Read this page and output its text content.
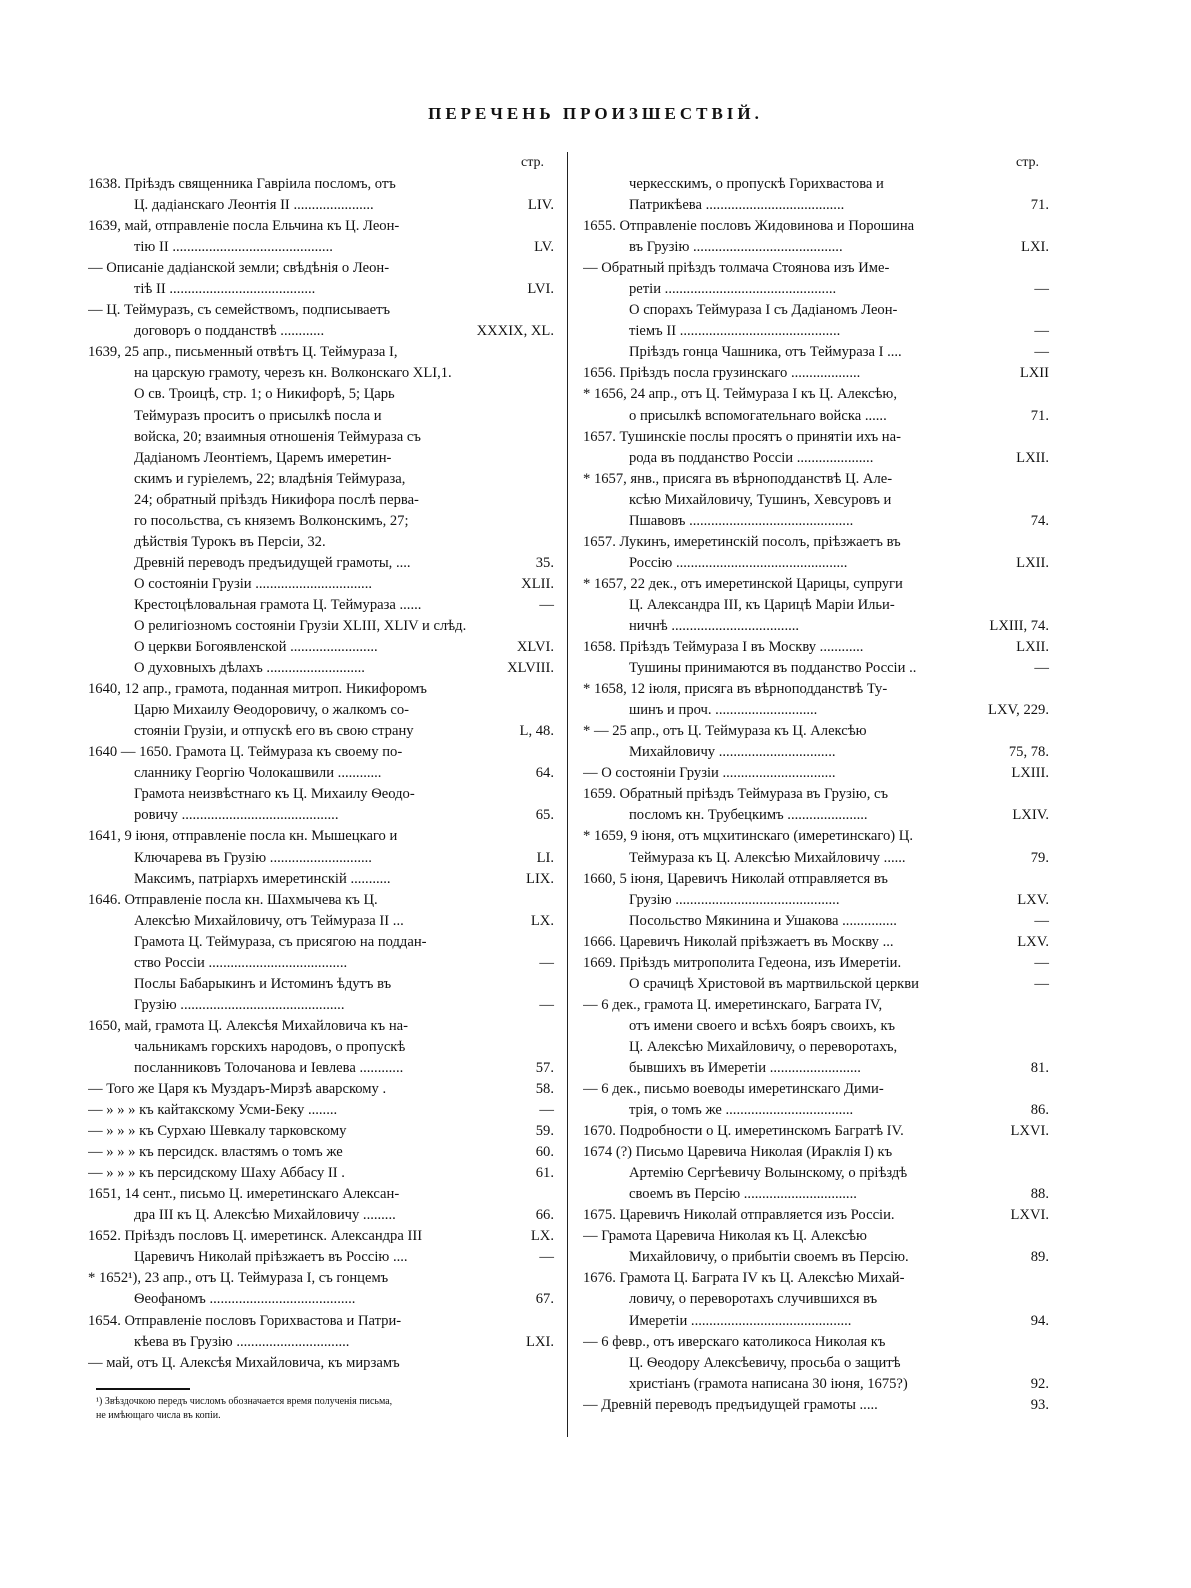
ПЕРЕЧЕНЬ ПРОИЗШЕСТВІЙ.
стр.
1638. Пріѣздъ священника Гавріила посломъ, отъ
Ц. дадіанскаго Леонтія II ......................	LIV.
1639, май, отправленіе посла Ельчина къ Ц. Леон-
тію II ............................................	LV.
— Описаніе дадіанской земли; свѣдѣнія о Леон-
тіѣ II ........................................	LVI.
— Ц. Теймуразъ, съ семействомъ, подписываетъ
договоръ о подданствѣ ............	XXXIX, XL.
1639, 25 апр., письменный отвѣтъ Ц. Теймураза I,
на царскую грамоту, черезъ кн. Волконскаго XLI,1.
О св. Троицѣ, стр. 1; о Никифорѣ, 5; Царь
Теймуразъ проситъ о присылкѣ посла и
войска, 20; взаимныя отношенія Теймураза съ
Дадіаномъ Леонтіемъ, Царемъ имеретин-
скимъ и гуріелемъ, 22; владѣнія Теймураза,
24; обратный пріѣздъ Никифора послѣ перва-
го посольства, съ княземъ Волконскимъ, 27;
дѣйствія Турокъ въ Персіи, 32.
Древній переводъ предъидущей грамоты, ....	35.
О состояніи Грузіи ................................	XLII.
Крестоцѣловальная грамота Ц. Теймураза ......	—
О религіозномъ состояніи Грузіи XLIII, XLIV и слѣд.
О церкви Богоявленской ........................	XLVI.
О духовныхъ дѣлахъ ...........................	XLVIII.
1640, 12 апр., грамота, поданная митроп. Никифоромъ
Царю Михаилу Ѳеодоровичу, о жалкомъ со-
стояніи Грузіи, и отпускѣ его въ свою страну	L, 48.
1640 — 1650. Грамота Ц. Теймураза къ своему по-
сланнику Георгію Чолокашвили ............	64.
Грамота неизвѣстнаго къ Ц. Михаилу Ѳеодо-
ровичу ...........................................	65.
1641, 9 іюня, отправленіе посла кн. Мышецкаго и
Ключарева въ Грузію ............................	LI.
Максимъ, патріархъ имеретинскій ...........	LIX.
1646. Отправленіе посла кн. Шахмычева къ Ц.
Алексѣю Михайловичу, отъ Теймураза II ...	LX.
Грамота Ц. Теймураза, съ присягою на поддан-
ство Россіи ......................................	—
Послы Бабарыкинъ и Истоминъ ѣдутъ въ
Грузію .............................................	—
1650, май, грамота Ц. Алексѣя Михайловича къ на-
чальникамъ горскихъ народовъ, о пропускѣ
посланниковъ Толочанова и Іевлева ............	57.
— Того же Царя къ Муздаръ-Мирзѣ аварскому .	58.
— » » » къ кайтакскому Усми-Беку ........	—
— » » » къ Сурхаю Шевкалу тарковскому	59.
— » » » къ персидск. властямъ о томъ же	60.
— » » » къ персидскому Шаху Аббасу II .	61.
1651, 14 сент., письмо Ц. имеретинскаго Алексан-
дра III къ Ц. Алексѣю Михайловичу .........	66.
1652. Пріѣздъ пословъ Ц. имеретинск. Александра III	LX.
Царевичъ Николай пріѣзжаетъ въ Россію ....	—
* 1652¹), 23 апр., отъ Ц. Теймураза I, съ гонцемъ
Ѳеофаномъ ........................................	67.
1654. Отправленіе пословъ Горихвастова и Патри-
кѣева въ Грузію ...............................	LXI.
— май, отъ Ц. Алексѣя Михайловича, къ мирзамъ
стр.
черкесскимъ, о пропускѣ Горихвастова и
Патрикѣева ......................................	71.
1655. Отправленіе пословъ Жидовинова и Порошина
въ Грузію .........................................	LXI.
— Обратный пріѣздъ толмача Стоянова изъ Име-
ретіи ...............................................	—
О спорахъ Теймураза I съ Дадіаномъ Леон-
тіемъ II ............................................	—
Пріѣздъ гонца Чашника, отъ Теймураза I ....	—
1656. Пріѣздъ посла грузинскаго ...................	LXII
* 1656, 24 апр., отъ Ц. Теймураза I къ Ц. Алексѣю,
о присылкѣ вспомогательнаго войска ......	71.
1657. Тушинскіе послы просятъ о принятіи ихъ на-
рода въ подданство Россіи .....................	LXII.
* 1657, янв., присяга въ вѣрноподданствѣ Ц. Але-
ксѣю Михайловичу, Тушинъ, Хевсуровъ и
Пшавовъ .............................................	74.
1657. Лукинъ, имеретинскій посолъ, пріѣзжаетъ въ
Россію ...............................................	LXII.
* 1657, 22 дек., отъ имеретинской Царицы, супруги
Ц. Александра III, къ Царицѣ Маріи Ильи-
ничнѣ ...................................	LXIII, 74.
1658. Пріѣздъ Теймураза I въ Москву ............	LXII.
Тушины принимаются въ подданство Россіи ..	—
* 1658, 12 іюля, присяга въ вѣрноподданствѣ Ту-
шинъ и проч. ............................	LXV, 229.
* — 25 апр., отъ Ц. Теймураза къ Ц. Алексѣю
Михайловичу ................................	75, 78.
— О состояніи Грузіи ...............................	LXIII.
1659. Обратный пріѣздъ Теймураза въ Грузію, съ
посломъ кн. Трубецкимъ ......................	LXIV.
* 1659, 9 іюня, отъ мцхитинскаго (имеретинскаго) Ц.
Теймураза къ Ц. Алексѣю Михайловичу ......	79.
1660, 5 іюня, Царевичъ Николай отправляется въ
Грузію .............................................	LXV.
Посольство Мякинина и Ушакова ...............	—
1666. Царевичъ Николай пріѣзжаетъ въ Москву ...	LXV.
1669. Пріѣздъ митрополита Гедеона, изъ Имеретіи.	—
О срачицѣ Христовой въ мартвильской церкви	—
— 6 дек., грамота Ц. имеретинскаго, Баграта IV,
отъ имени своего и всѣхъ бояръ своихъ, къ
Ц. Алексѣю Михайловичу, о переворотахъ,
бывшихъ въ Имеретіи .........................	81.
— 6 дек., письмо воеводы имеретинскаго Дими-
трія, о томъ же ...................................	86.
1670. Подробности о Ц. имеретинскомъ Багратѣ IV.	LXVI.
1674 (?) Письмо Царевича Николая (Ираклія I) къ
Артемію Сергѣевичу Волынскому, о пріѣздѣ
своемъ въ Персію ...............................	88.
1675. Царевичъ Николай отправляется изъ Россіи.	LXVI.
— Грамота Царевича Николая къ Ц. Алексѣю
Михайловичу, о прибытіи своемъ въ Персію.	89.
1676. Грамота Ц. Баграта IV къ Ц. Алексѣю Михай-
ловичу, о переворотахъ случившихся въ
Имеретіи ............................................	94.
— 6 февр., отъ иверскаго католикоса Николая къ
Ц. Ѳеодору Алексѣевичу, просьба о защитѣ
христіанъ (грамота написана 30 іюня, 1675?)	92.
— Древній переводъ предъидущей грамоты .....	93.
¹) Звѣздочкою передъ числомъ обозначается время полученія письма,
не имѣющаго числа въ копіи.
